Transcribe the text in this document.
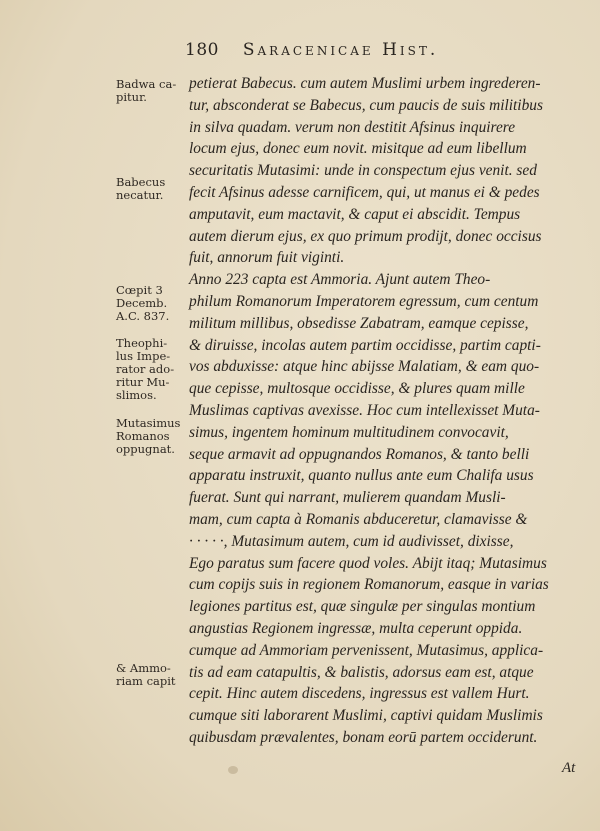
180 Saracenicae Hist.
Badwa ca-
pitur.
Babecus
necatur.
Cœpit 3
Decemb.
A.C. 837.
Theophi-
lus Impe-
rator ado-
ritur Mu-
slimos.
Mutasimus
Romanos
oppugnat.
& Ammo-
riam capit
petierat Babecus. cum autem Muslimi urbem ingrederen-
tur, absconderat se Babecus, cum paucis de suis militibus
in silva quadam. verum non destitit Afsinus inquirere
locum ejus, donec eum novit. misitque ad eum libellum
securitatis Mutasimi: unde in conspectum ejus venit. sed
fecit Afsinus adesse carnificem, qui, ut manus ei & pedes
amputavit, eum mactavit, & caput ei abscidit. Tempus
autem dierum ejus, ex quo primum prodijt, donec occisus
fuit, annorum fuit viginti.
Anno 223 capta est Ammoria. Ajunt autem Theo-
philum Romanorum Imperatorem egressum, cum centum
militum millibus, obsedisse Zabatram, eamque cepisse,
& diruisse, incolas autem partim occidisse, partim capti-
vos abduxisse: atque hinc abijsse Malatiam, & eam quo-
que cepisse, multosque occidisse, & plures quam mille
Muslimas captivas avexisse. Hoc cum intellexisset Muta-
simus, ingentem hominum multitudinem convocavit,
seque armavit ad oppugnandos Romanos, & tanto belli
apparatu instruxit, quanto nullus ante eum Chalifa usus
fuerat. Sunt qui narrant, mulierem quandam Musli-
mam, cum capta à Romanis abduceretur, clamavisse &
· · · · ·, Mutasimum autem, cum id audivisset, dixisse,
Ego paratus sum facere quod voles. Abijt itaq; Mutasimus
cum copijs suis in regionem Romanorum, easque in varias
legiones partitus est, quæ singulæ per singulas montium
angustias Regionem ingressæ, multa ceperunt oppida.
cumque ad Ammoriam pervenissent, Mutasimus, applica-
tis ad eam catapultis, & balistis, adorsus eam est, atque
cepit. Hinc autem discedens, ingressus est vallem Hurt.
cumque siti laborarent Muslimi, captivi quidam Muslimis
quibusdam prævalentes, bonam eorū partem occiderunt.
At
